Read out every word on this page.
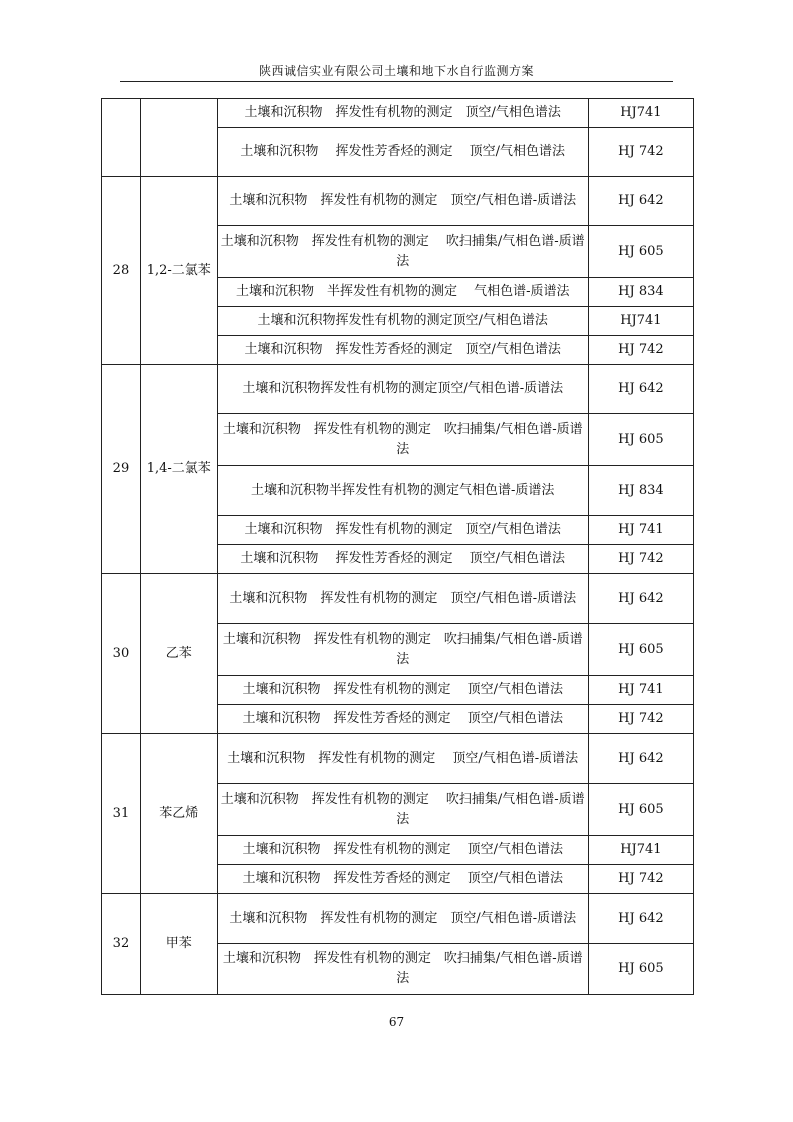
陕西诚信实业有限公司土壤和地下水自行监测方案
		土壤和沉积物　挥发性有机物的测定　顶空/气相色谱法	HJ741
		土壤和沉积物　 挥发性芳香烃的测定　 顶空/气相色谱法	HJ 742
28	1,2-二氯苯	土壤和沉积物　挥发性有机物的测定　顶空/气相色谱-质谱法	HJ 642
		土壤和沉积物　挥发性有机物的测定　 吹扫捕集/气相色谱-质谱法	HJ 605
		土壤和沉积物　半挥发性有机物的测定　 气相色谱-质谱法	HJ 834
		土壤和沉积物挥发性有机物的测定顶空/气相色谱法	HJ741
		土壤和沉积物　挥发性芳香烃的测定　顶空/气相色谱法	HJ 742
29	1,4-二氯苯	土壤和沉积物挥发性有机物的测定顶空/气相色谱-质谱法	HJ 642
		土壤和沉积物　挥发性有机物的测定　吹扫捕集/气相色谱-质谱法	HJ 605
		土壤和沉积物半挥发性有机物的测定气相色谱-质谱法	HJ 834
		土壤和沉积物　挥发性有机物的测定　顶空/气相色谱法	HJ 741
		土壤和沉积物　 挥发性芳香烃的测定　 顶空/气相色谱法	HJ 742
30	乙苯	土壤和沉积物　挥发性有机物的测定　顶空/气相色谱-质谱法	HJ 642
		土壤和沉积物　挥发性有机物的测定　吹扫捕集/气相色谱-质谱法	HJ 605
		土壤和沉积物　挥发性有机物的测定　 顶空/气相色谱法	HJ 741
		土壤和沉积物　挥发性芳香烃的测定　 顶空/气相色谱法	HJ 742
31	苯乙烯	土壤和沉积物　挥发性有机物的测定　 顶空/气相色谱-质谱法	HJ 642
		土壤和沉积物　挥发性有机物的测定　 吹扫捕集/气相色谱-质谱法	HJ 605
		土壤和沉积物　挥发性有机物的测定　 顶空/气相色谱法	HJ741
		土壤和沉积物　挥发性芳香烃的测定　 顶空/气相色谱法	HJ 742
32	甲苯	土壤和沉积物　挥发性有机物的测定　顶空/气相色谱-质谱法	HJ 642
		土壤和沉积物　挥发性有机物的测定　吹扫捕集/气相色谱-质谱法	HJ 605
67
